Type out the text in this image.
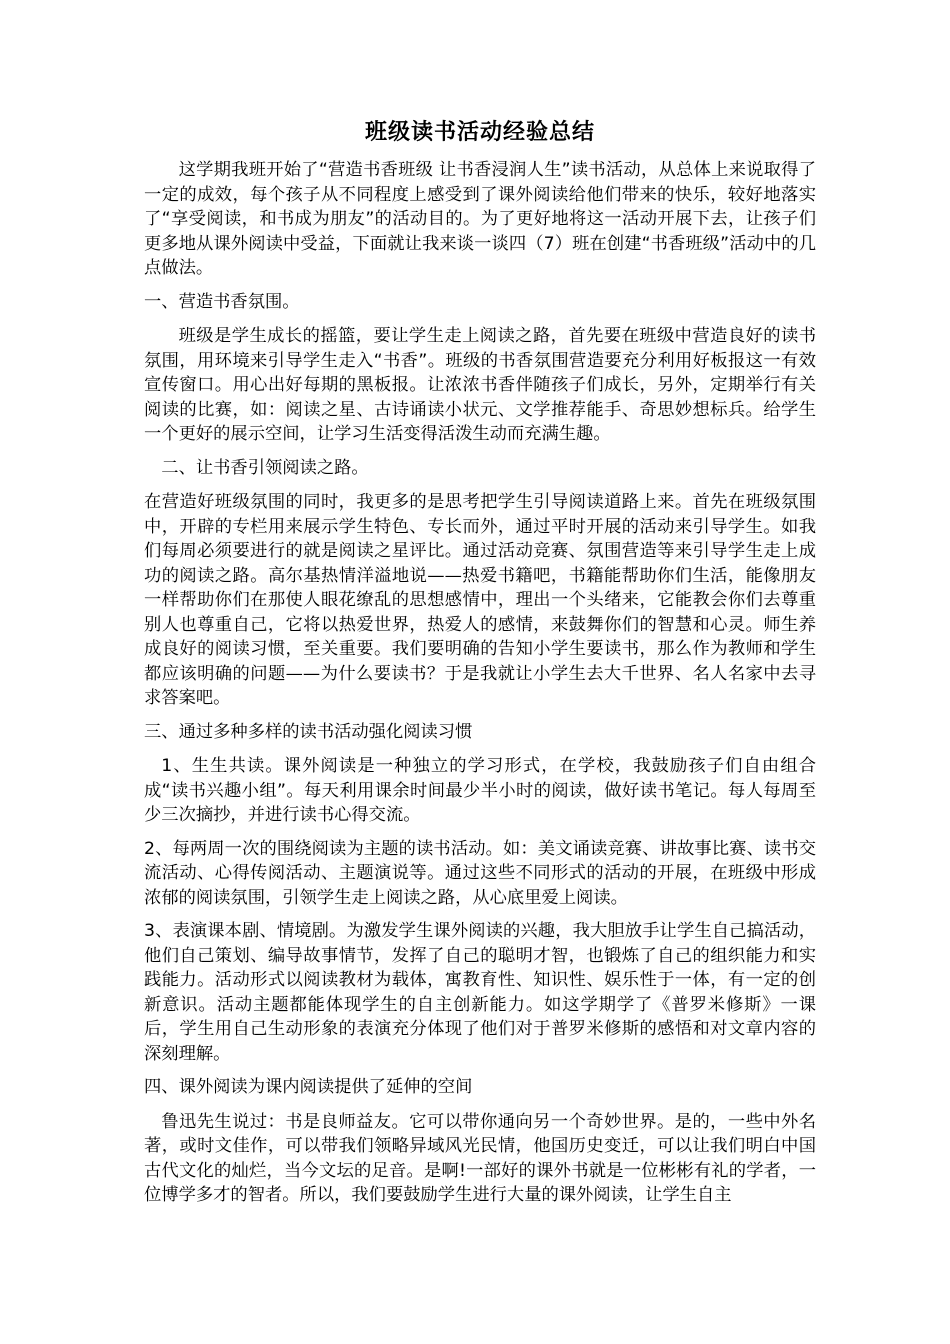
班级读书活动经验总结

这学期我班开始了“营造书香班级 让书香浸润人生”读书活动，从总体上来说取得了一定的成效，每个孩子从不同程度上感受到了课外阅读给他们带来的快乐，较好地落实了“享受阅读，和书成为朋友”的活动目的。为了更好地将这一活动开展下去，让孩子们更多地从课外阅读中受益，下面就让我来谈一谈四（7）班在创建“书香班级”活动中的几点做法。

一、营造书香氛围。

班级是学生成长的摇篮，要让学生走上阅读之路，首先要在班级中营造良好的读书氛围，用环境来引导学生走入“书香”。班级的书香氛围营造要充分利用好板报这一有效宣传窗口。用心出好每期的黑板报。让浓浓书香伴随孩子们成长，另外，定期举行有关阅读的比赛，如：阅读之星、古诗诵读小状元、文学推荐能手、奇思妙想标兵。给学生一个更好的展示空间，让学习生活变得活泼生动而充满生趣。

二、让书香引领阅读之路。

在营造好班级氛围的同时，我更多的是思考把学生引导阅读道路上来。首先在班级氛围中，开辟的专栏用来展示学生特色、专长而外，通过平时开展的活动来引导学生。如我们每周必须要进行的就是阅读之星评比。通过活动竞赛、氛围营造等来引导学生走上成功的阅读之路。高尔基热情洋溢地说——热爱书籍吧，书籍能帮助你们生活，能像朋友一样帮助你们在那使人眼花缭乱的思想感情中，理出一个头绪来，它能教会你们去尊重别人也尊重自己，它将以热爱世界，热爱人的感情，来鼓舞你们的智慧和心灵。师生养成良好的阅读习惯，至关重要。我们要明确的告知小学生要读书，那么作为教师和学生都应该明确的问题——为什么要读书？于是我就让小学生去大千世界、名人名家中去寻求答案吧。

三、通过多种多样的读书活动强化阅读习惯

1、生生共读。课外阅读是一种独立的学习形式，在学校，我鼓励孩子们自由组合成“读书兴趣小组”。每天利用课余时间最少半小时的阅读，做好读书笔记。每人每周至少三次摘抄，并进行读书心得交流。

2、每两周一次的围绕阅读为主题的读书活动。如：美文诵读竞赛、讲故事比赛、读书交流活动、心得传阅活动、主题演说等。通过这些不同形式的活动的开展，在班级中形成浓郁的阅读氛围，引领学生走上阅读之路，从心底里爱上阅读。

3、表演课本剧、情境剧。为激发学生课外阅读的兴趣，我大胆放手让学生自己搞活动，他们自己策划、编导故事情节，发挥了自己的聪明才智，也锻炼了自己的组织能力和实践能力。活动形式以阅读教材为载体，寓教育性、知识性、娱乐性于一体，有一定的创新意识。活动主题都能体现学生的自主创新能力。如这学期学了《普罗米修斯》一课后，学生用自己生动形象的表演充分体现了他们对于普罗米修斯的感悟和对文章内容的深刻理解。

四、课外阅读为课内阅读提供了延伸的空间

鲁迅先生说过：书是良师益友。它可以带你通向另一个奇妙世界。是的，一些中外名著，或时文佳作，可以带我们领略异域风光民情，他国历史变迁，可以让我们明白中国古代文化的灿烂，当今文坛的足音。是啊!一部好的课外书就是一位彬彬有礼的学者，一位博学多才的智者。所以，我们要鼓励学生进行大量的课外阅读，让学生自主
